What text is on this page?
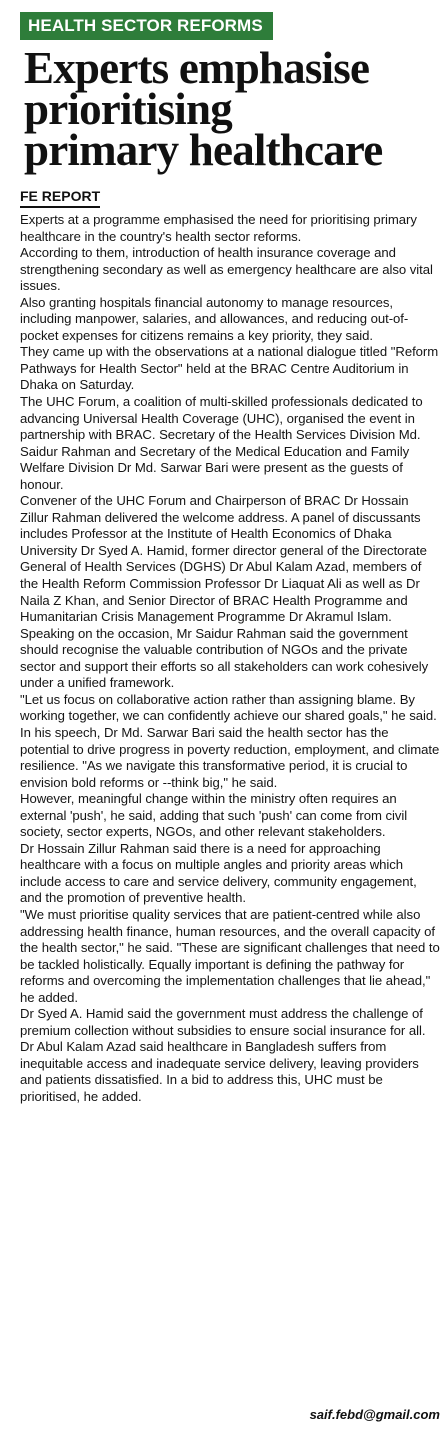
HEALTH SECTOR REFORMS
Experts emphasise
prioritising
primary healthcare
FE REPORT

Experts at a programme emphasised the need for prioritising primary healthcare in the country's health sector reforms.

According to them, introduction of health insurance coverage and strengthening secondary as well as emergency healthcare are also vital issues.

Also granting hospitals financial autonomy to manage resources, including manpower, salaries, and allowances, and reducing out-of-pocket expenses for citizens remains a key priority, they said.

They came up with the observations at a national dialogue titled "Reform Pathways for Health Sector" held at the BRAC Centre Auditorium in Dhaka on Saturday.

The UHC Forum, a coalition of multi-skilled professionals dedicated to advancing Universal Health Coverage (UHC), organised the event in partnership with BRAC. Secretary of the Health Services Division Md. Saidur Rahman and Secretary of the Medical Education and Family Welfare Division Dr Md. Sarwar Bari were present as the guests of honour.

Convener of the UHC Forum and Chairperson of BRAC Dr Hossain Zillur Rahman delivered the welcome address. A panel of discussants includes Professor at the Institute of Health Economics of Dhaka University Dr Syed A. Hamid, former director general of the Directorate General of Health Services (DGHS) Dr Abul Kalam Azad, members of the Health Reform Commission Professor Dr Liaquat Ali as well as Dr Naila Z Khan, and Senior Director of BRAC Health Programme and Humanitarian Crisis Management Programme Dr Akramul Islam.

Speaking on the occasion, Mr Saidur Rahman said the government should recognise the valuable contribution of NGOs and the private sector and support their efforts so all stakeholders can work cohesively under a unified framework.

"Let us focus on collaborative action rather than assigning blame. By working together, we can confidently achieve our shared goals," he said.

In his speech, Dr Md. Sarwar Bari said the health sector has the potential to drive progress in poverty reduction, employment, and climate resilience. "As we navigate this transformative period, it is crucial to envision bold reforms or --think big," he said.

However, meaningful change within the ministry often requires an external 'push', he said, adding that such 'push' can come from civil society, sector experts, NGOs, and other relevant stakeholders.

Dr Hossain Zillur Rahman said there is a need for approaching healthcare with a focus on multiple angles and priority areas which include access to care and service delivery, community engagement, and the promotion of preventive health.

"We must prioritise quality services that are patient-centred while also addressing health finance, human resources, and the overall capacity of the health sector," he said. "These are significant challenges that need to be tackled holistically. Equally important is defining the pathway for reforms and overcoming the implementation challenges that lie ahead," he added.

Dr Syed A. Hamid said the government must address the challenge of premium collection without subsidies to ensure social insurance for all.

Dr Abul Kalam Azad said healthcare in Bangladesh suffers from inequitable access and inadequate service delivery, leaving providers and patients dissatisfied. In a bid to address this, UHC must be prioritised, he added.

saif.febd@gmail.com
